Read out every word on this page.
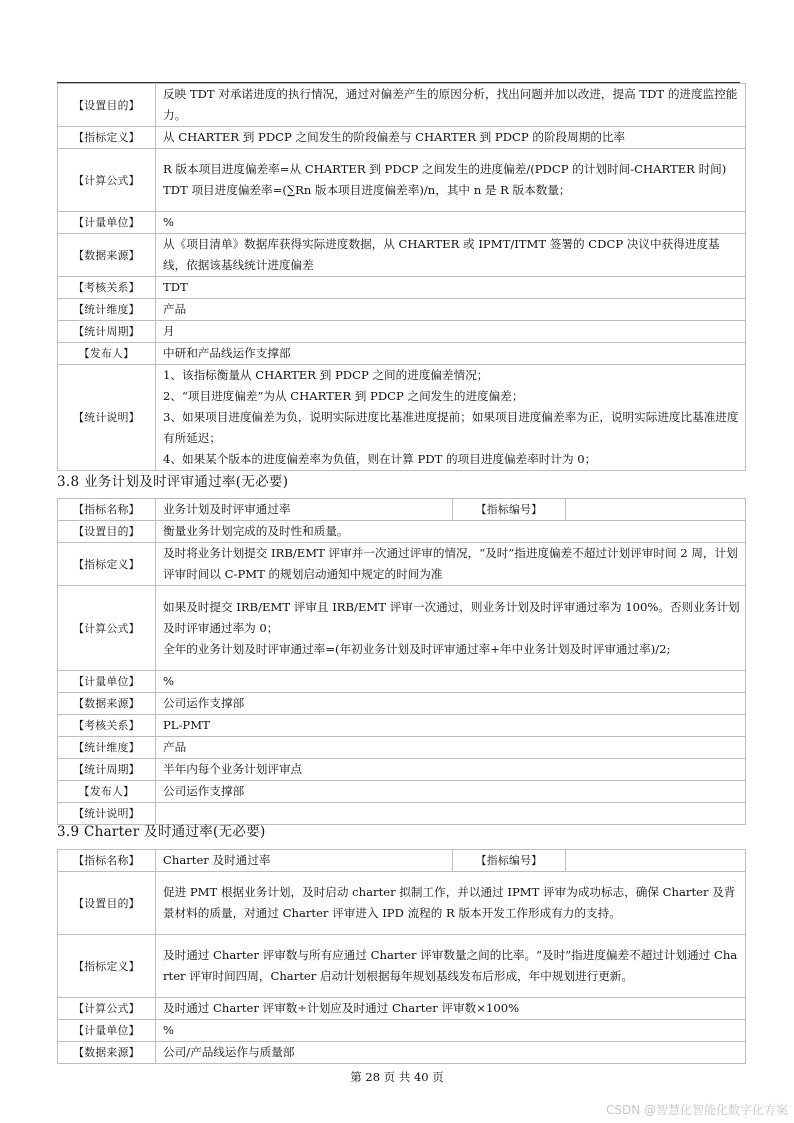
【设置目的】	反映 TDT 对承诺进度的执行情况，通过对偏差产生的原因分析，找出问题并加以改进，提高 TDT 的进度监控能力。
【指标定义】	从 CHARTER 到 PDCP 之间发生的阶段偏差与 CHARTER 到 PDCP 的阶段周期的比率
【计算公式】	R 版本项目进度偏差率=从 CHARTER 到 PDCP 之间发生的进度偏差/(PDCP 的计划时间-CHARTER 时间)
TDT 项目进度偏差率=(∑Rn 版本项目进度偏差率)/n，其中 n 是 R 版本数量；

【计量单位】	%
【数据来源】	从《项目清单》数据库获得实际进度数据，从 CHARTER 或 IPMT/ITMT 签署的 CDCP 决议中获得进度基线，依据该基线统计进度偏差
【考核关系】	TDT
【统计维度】	产品
【统计周期】	月
【发布人】	中研和产品线运作支撑部
【统计说明】	1、该指标衡量从 CHARTER 到 PDCP 之间的进度偏差情况；
2、“项目进度偏差”为从 CHARTER 到 PDCP 之间发生的进度偏差；
3、如果项目进度偏差为负，说明实际进度比基准进度提前；如果项目进度偏差率为正，说明实际进度比基准进度有所延迟；
4、如果某个版本的进度偏差率为负值，则在计算 PDT 的项目进度偏差率时计为 0；
3.8 业务计划及时评审通过率(无必要)
【指标名称】	业务计划及时评审通过率	【指标编号】	
【设置目的】	衡量业务计划完成的及时性和质量。		
【指标定义】	及时将业务计划提交 IRB/EMT 评审并一次通过评审的情况，“及时”指进度偏差不超过计划评审时间 2 周，计划评审时间以 C-PMT 的规划启动通知中规定的时间为准		
【计算公式】	如果及时提交 IRB/EMT 评审且 IRB/EMT 评审一次通过，则业务计划及时评审通过率为 100%。否则业务计划及时评审通过率为 0；
全年的业务计划及时评审通过率=(年初业务计划及时评审通过率+年中业务计划及时评审通过率)/2;		

【计量单位】	%		
【数据来源】	公司运作支撑部		
【考核关系】	PL-PMT		
【统计维度】	产品		
【统计周期】	半年内每个业务计划评审点		
【发布人】	公司运作支撑部		
【统计说明】			
3.9 Charter 及时通过率(无必要)
【指标名称】	Charter 及时通过率	【指标编号】	
【设置目的】	促进 PMT 根据业务计划，及时启动 charter 拟制工作，并以通过 IPMT 评审为成功标志，确保 Charter 及背景材料的质量，对通过 Charter 评审进入 IPD 流程的 R 版本开发工作形成有力的支持。		
【指标定义】	及时通过 Charter 评审数与所有应通过 Charter 评审数量之间的比率。“及时”指进度偏差不超过计划通过 Charter 评审时间四周，Charter 启动计划根据每年规划基线发布后形成，年中规划进行更新。		
【计算公式】	及时通过 Charter 评审数÷计划应及时通过 Charter 评审数×100%		
【计量单位】	%		
【数据来源】	公司/产品线运作与质量部		
第 28 页 共 40 页
CSDN @智慧化智能化数字化方案
